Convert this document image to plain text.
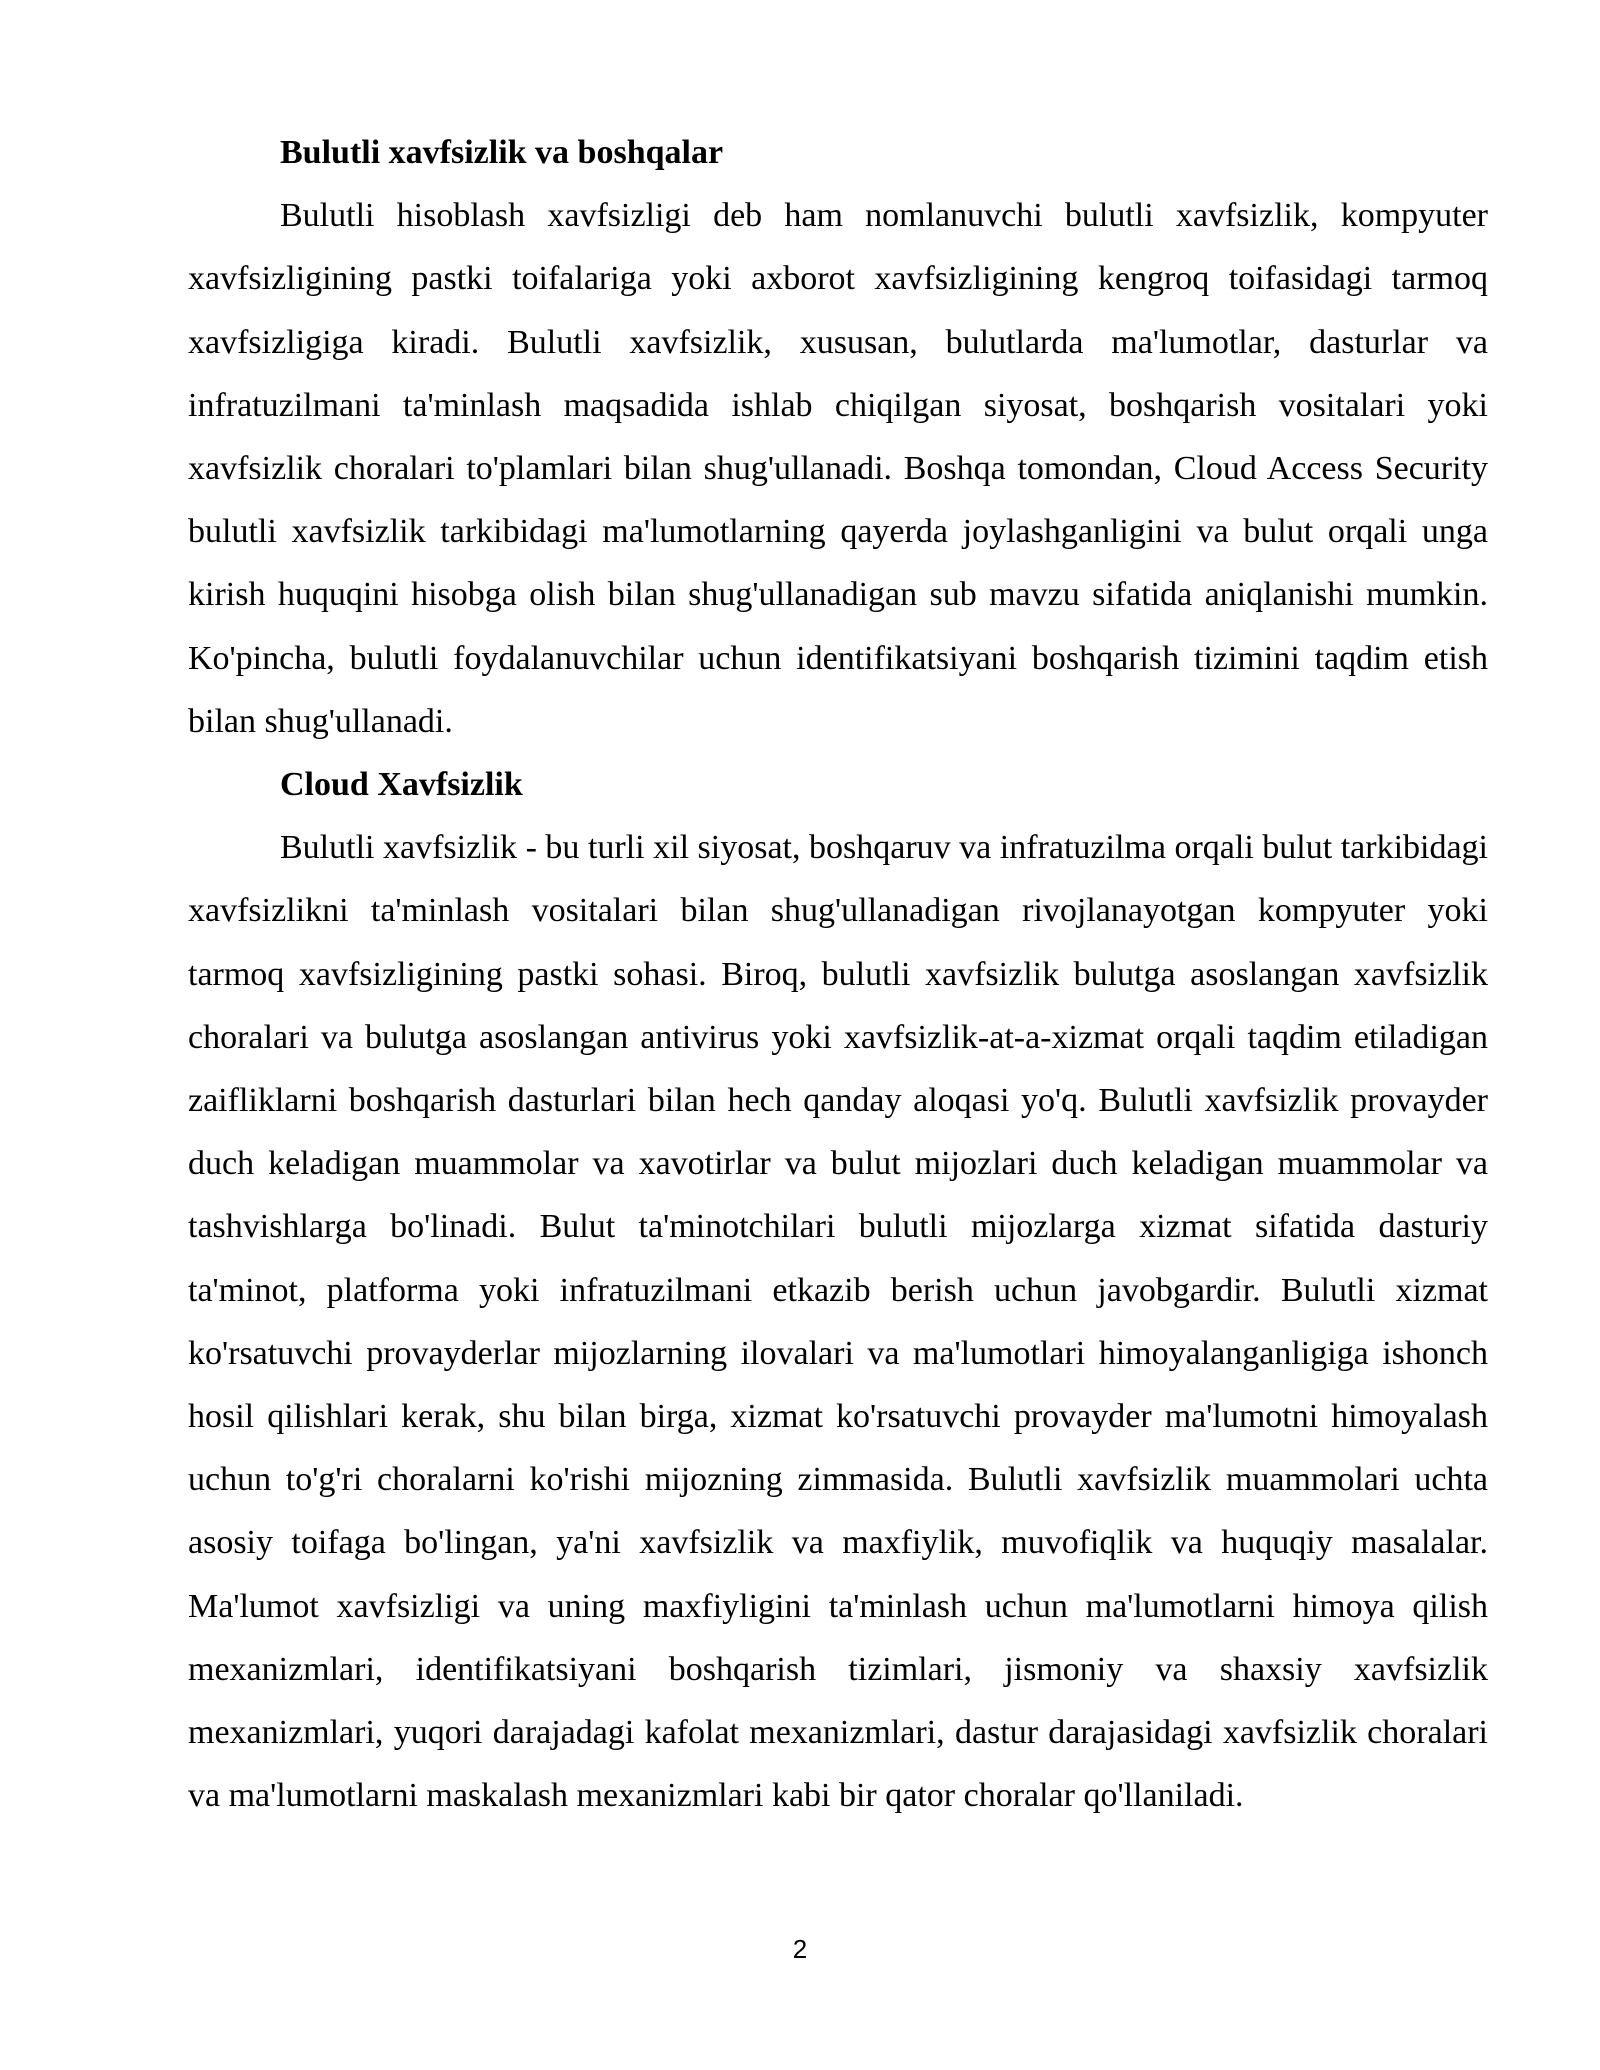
Bulutli xavfsizlik va boshqalar

Bulutli hisoblash xavfsizligi deb ham nomlanuvchi bulutli xavfsizlik, kompyuter xavfsizligining pastki toifalariga yoki axborot xavfsizligining kengroq toifasidagi tarmoq xavfsizligiga kiradi. Bulutli xavfsizlik, xususan, bulutlarda ma'lumotlar, dasturlar va infratuzilmani ta'minlash maqsadida ishlab chiqilgan siyosat, boshqarish vositalari yoki xavfsizlik choralari to'plamlari bilan shug'ullanadi. Boshqa tomondan, Cloud Access Security bulutli xavfsizlik tarkibidagi ma'lumotlarning qayerda joylashganligini va bulut orqali unga kirish huquqini hisobga olish bilan shug'ullanadigan sub mavzu sifatida aniqlanishi mumkin. Ko'pincha, bulutli foydalanuvchilar uchun identifikatsiyani boshqarish tizimini taqdim etish bilan shug'ullanadi.

Cloud Xavfsizlik

Bulutli xavfsizlik - bu turli xil siyosat, boshqaruv va infratuzilma orqali bulut tarkibidagi xavfsizlikni ta'minlash vositalari bilan shug'ullanadigan rivojlanayotgan kompyuter yoki tarmoq xavfsizligining pastki sohasi. Biroq, bulutli xavfsizlik bulutga asoslangan xavfsizlik choralari va bulutga asoslangan antivirus yoki xavfsizlik-at-a-xizmat orqali taqdim etiladigan zaifliklarni boshqarish dasturlari bilan hech qanday aloqasi yo'q. Bulutli xavfsizlik provayder duch keladigan muammolar va xavotirlar va bulut mijozlari duch keladigan muammolar va tashvishlarga bo'linadi. Bulut ta'minotchilari bulutli mijozlarga xizmat sifatida dasturiy ta'minot, platforma yoki infratuzilmani etkazib berish uchun javobgardir. Bulutli xizmat ko'rsatuvchi provayderlar mijozlarning ilovalari va ma'lumotlari himoyalanganligiga ishonch hosil qilishlari kerak, shu bilan birga, xizmat ko'rsatuvchi provayder ma'lumotni himoyalash uchun to'g'ri choralarni ko'rishi mijozning zimmasida. Bulutli xavfsizlik muammolari uchta asosiy toifaga bo'lingan, ya'ni xavfsizlik va maxfiylik, muvofiqlik va huquqiy masalalar. Ma'lumot xavfsizligi va uning maxfiyligini ta'minlash uchun ma'lumotlarni himoya qilish mexanizmlari, identifikatsiyani boshqarish tizimlari, jismoniy va shaxsiy xavfsizlik mexanizmlari, yuqori darajadagi kafolat mexanizmlari, dastur darajasidagi xavfsizlik choralari va ma'lumotlarni maskalash mexanizmlari kabi bir qator choralar qo'llaniladi.

2
